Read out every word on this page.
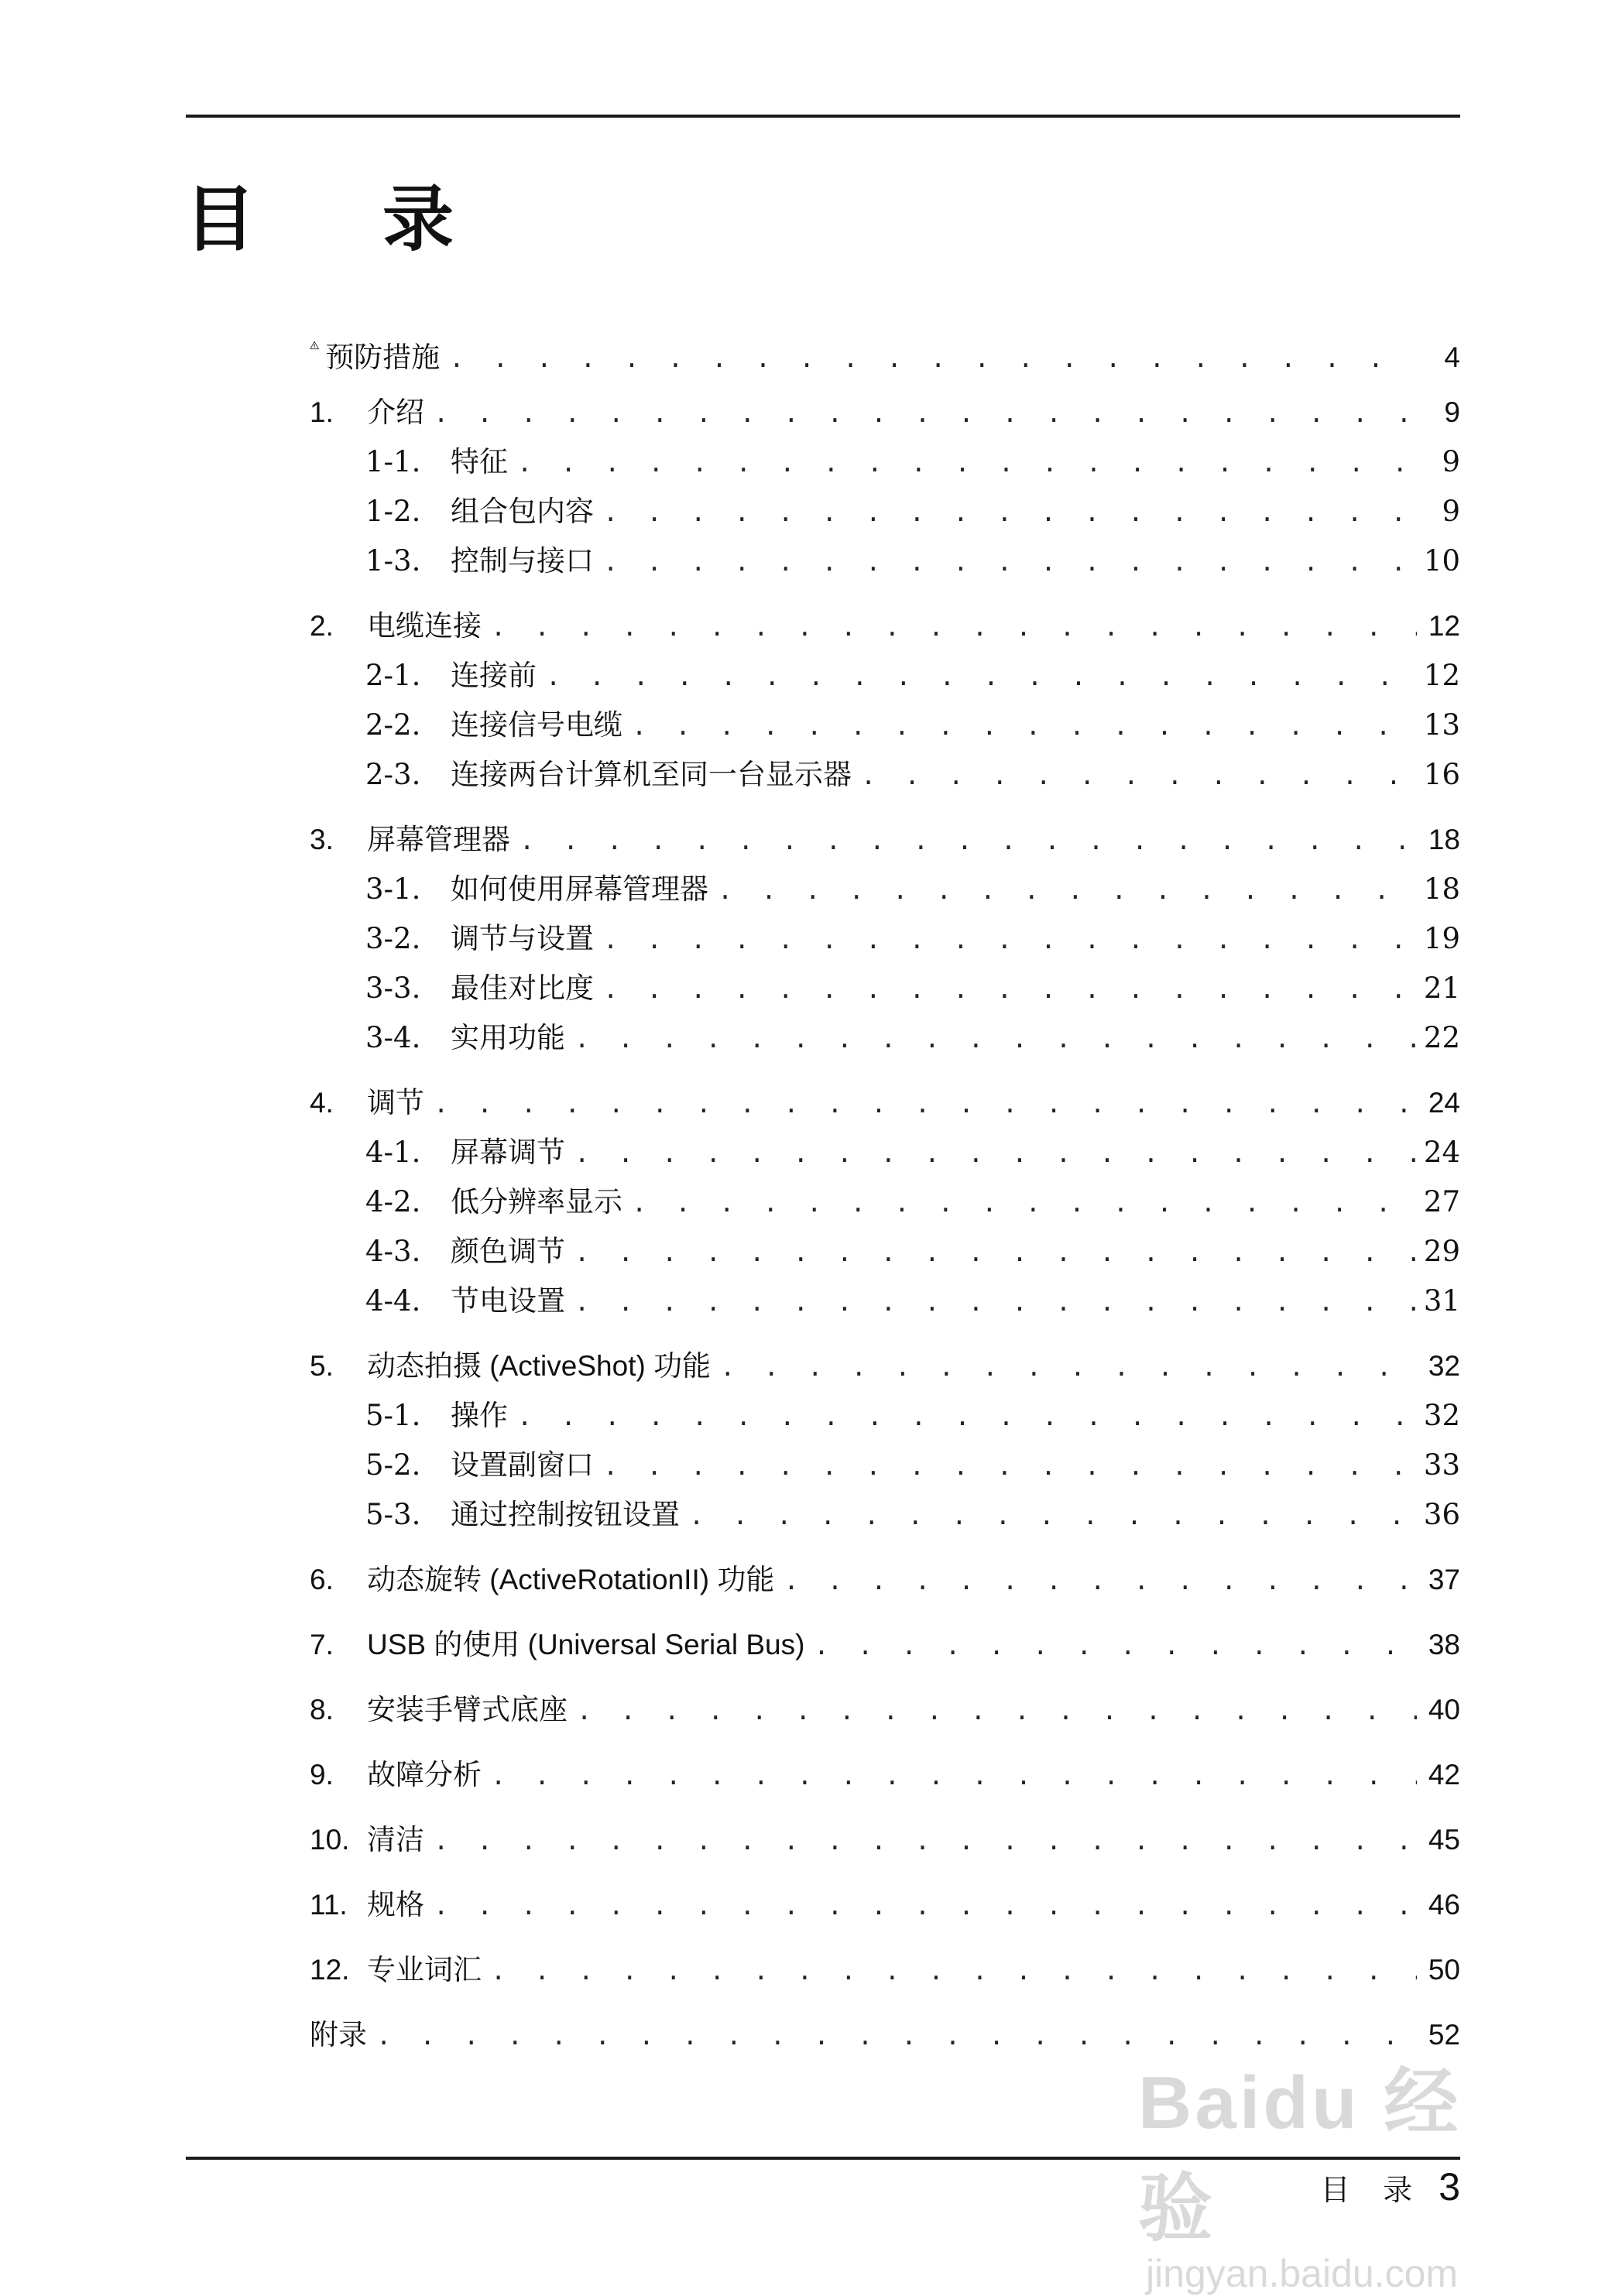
目 录
预防措施 . . .	4
1.	介绍 . . .	9
1-1.	特征 . . .	9
1-2.	组合包内容 . . .	9
1-3.	控制与接口 . . .	10
2.	电缆连接 . . .	12
2-1.	连接前 . . .	12
2-2.	连接信号电缆 . . .	13
2-3.	连接两台计算机至同一台显示器 . . .	16
3.	屏幕管理器 . . .	18
3-1.	如何使用屏幕管理器 . . .	18
3-2.	调节与设置 . . .	19
3-3.	最佳对比度 . . .	21
3-4.	实用功能 . . .	22
4.	调节 . . .	24
4-1.	屏幕调节 . . .	24
4-2.	低分辨率显示 . . .	27
4-3.	颜色调节 . . .	29
4-4.	节电设置 . . .	31
5.	动态拍摄 (ActiveShot) 功能 . . .	32
5-1.	操作 . . .	32
5-2.	设置副窗口 . . .	33
5-3.	通过控制按钮设置 . . .	36
6.	动态旋转 (ActiveRotationII) 功能 . . .	37
7.	USB 的使用 (Universal Serial Bus) . . .	38
8.	安装手臂式底座 . . .	40
9.	故障分析 . . .	42
10. 清洁 . . .	45
11. 规格 . . .	46
12. 专业词汇 . . .	50
附录 . . .	52
目 录 3
Baidu 经验
jingyan.baidu.com
